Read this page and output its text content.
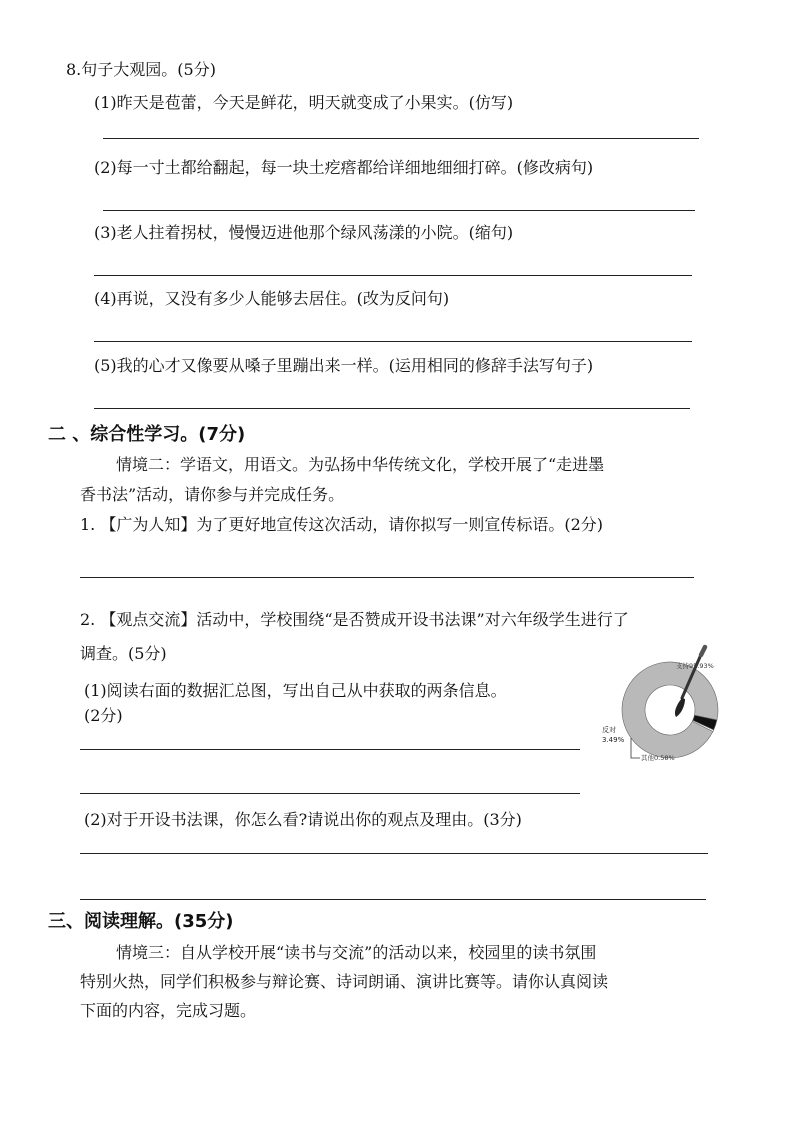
8.句子大观园。(5分)
(1)昨天是苞蕾，今天是鲜花，明天就变成了小果实。(仿写)
(2)每一寸土都给翻起，每一块土疙瘩都给详细地细细打碎。(修改病句)
(3)老人拄着拐杖，慢慢迈进他那个绿风荡漾的小院。(缩句)
(4)再说，又没有多少人能够去居住。(改为反问句)
(5)我的心才又像要从嗓子里蹦出来一样。(运用相同的修辞手法写句子)
二 、综合性学习。(7分)
情境二：学语文，用语文。为弘扬中华传统文化，学校开展了“走进墨
香书法”活动，请你参与并完成任务。
1. 【广为人知】为了更好地宣传这次活动，请你拟写一则宣传标语。(2分)
2. 【观点交流】活动中，学校围绕“是否赞成开设书法课”对六年级学生进行了
调查。(5分)
(1)阅读右面的数据汇总图，写出自己从中获取的两条信息。
(2分)
支持95.93%
反对
3.49%
其他0.58%
(2)对于开设书法课，你怎么看?请说出你的观点及理由。(3分)
三、阅读理解。(35分)
情境三：自从学校开展“读书与交流”的活动以来，校园里的读书氛围
特别火热，同学们积极参与辩论赛、诗词朗诵、演讲比赛等。请你认真阅读
下面的内容，完成习题。
